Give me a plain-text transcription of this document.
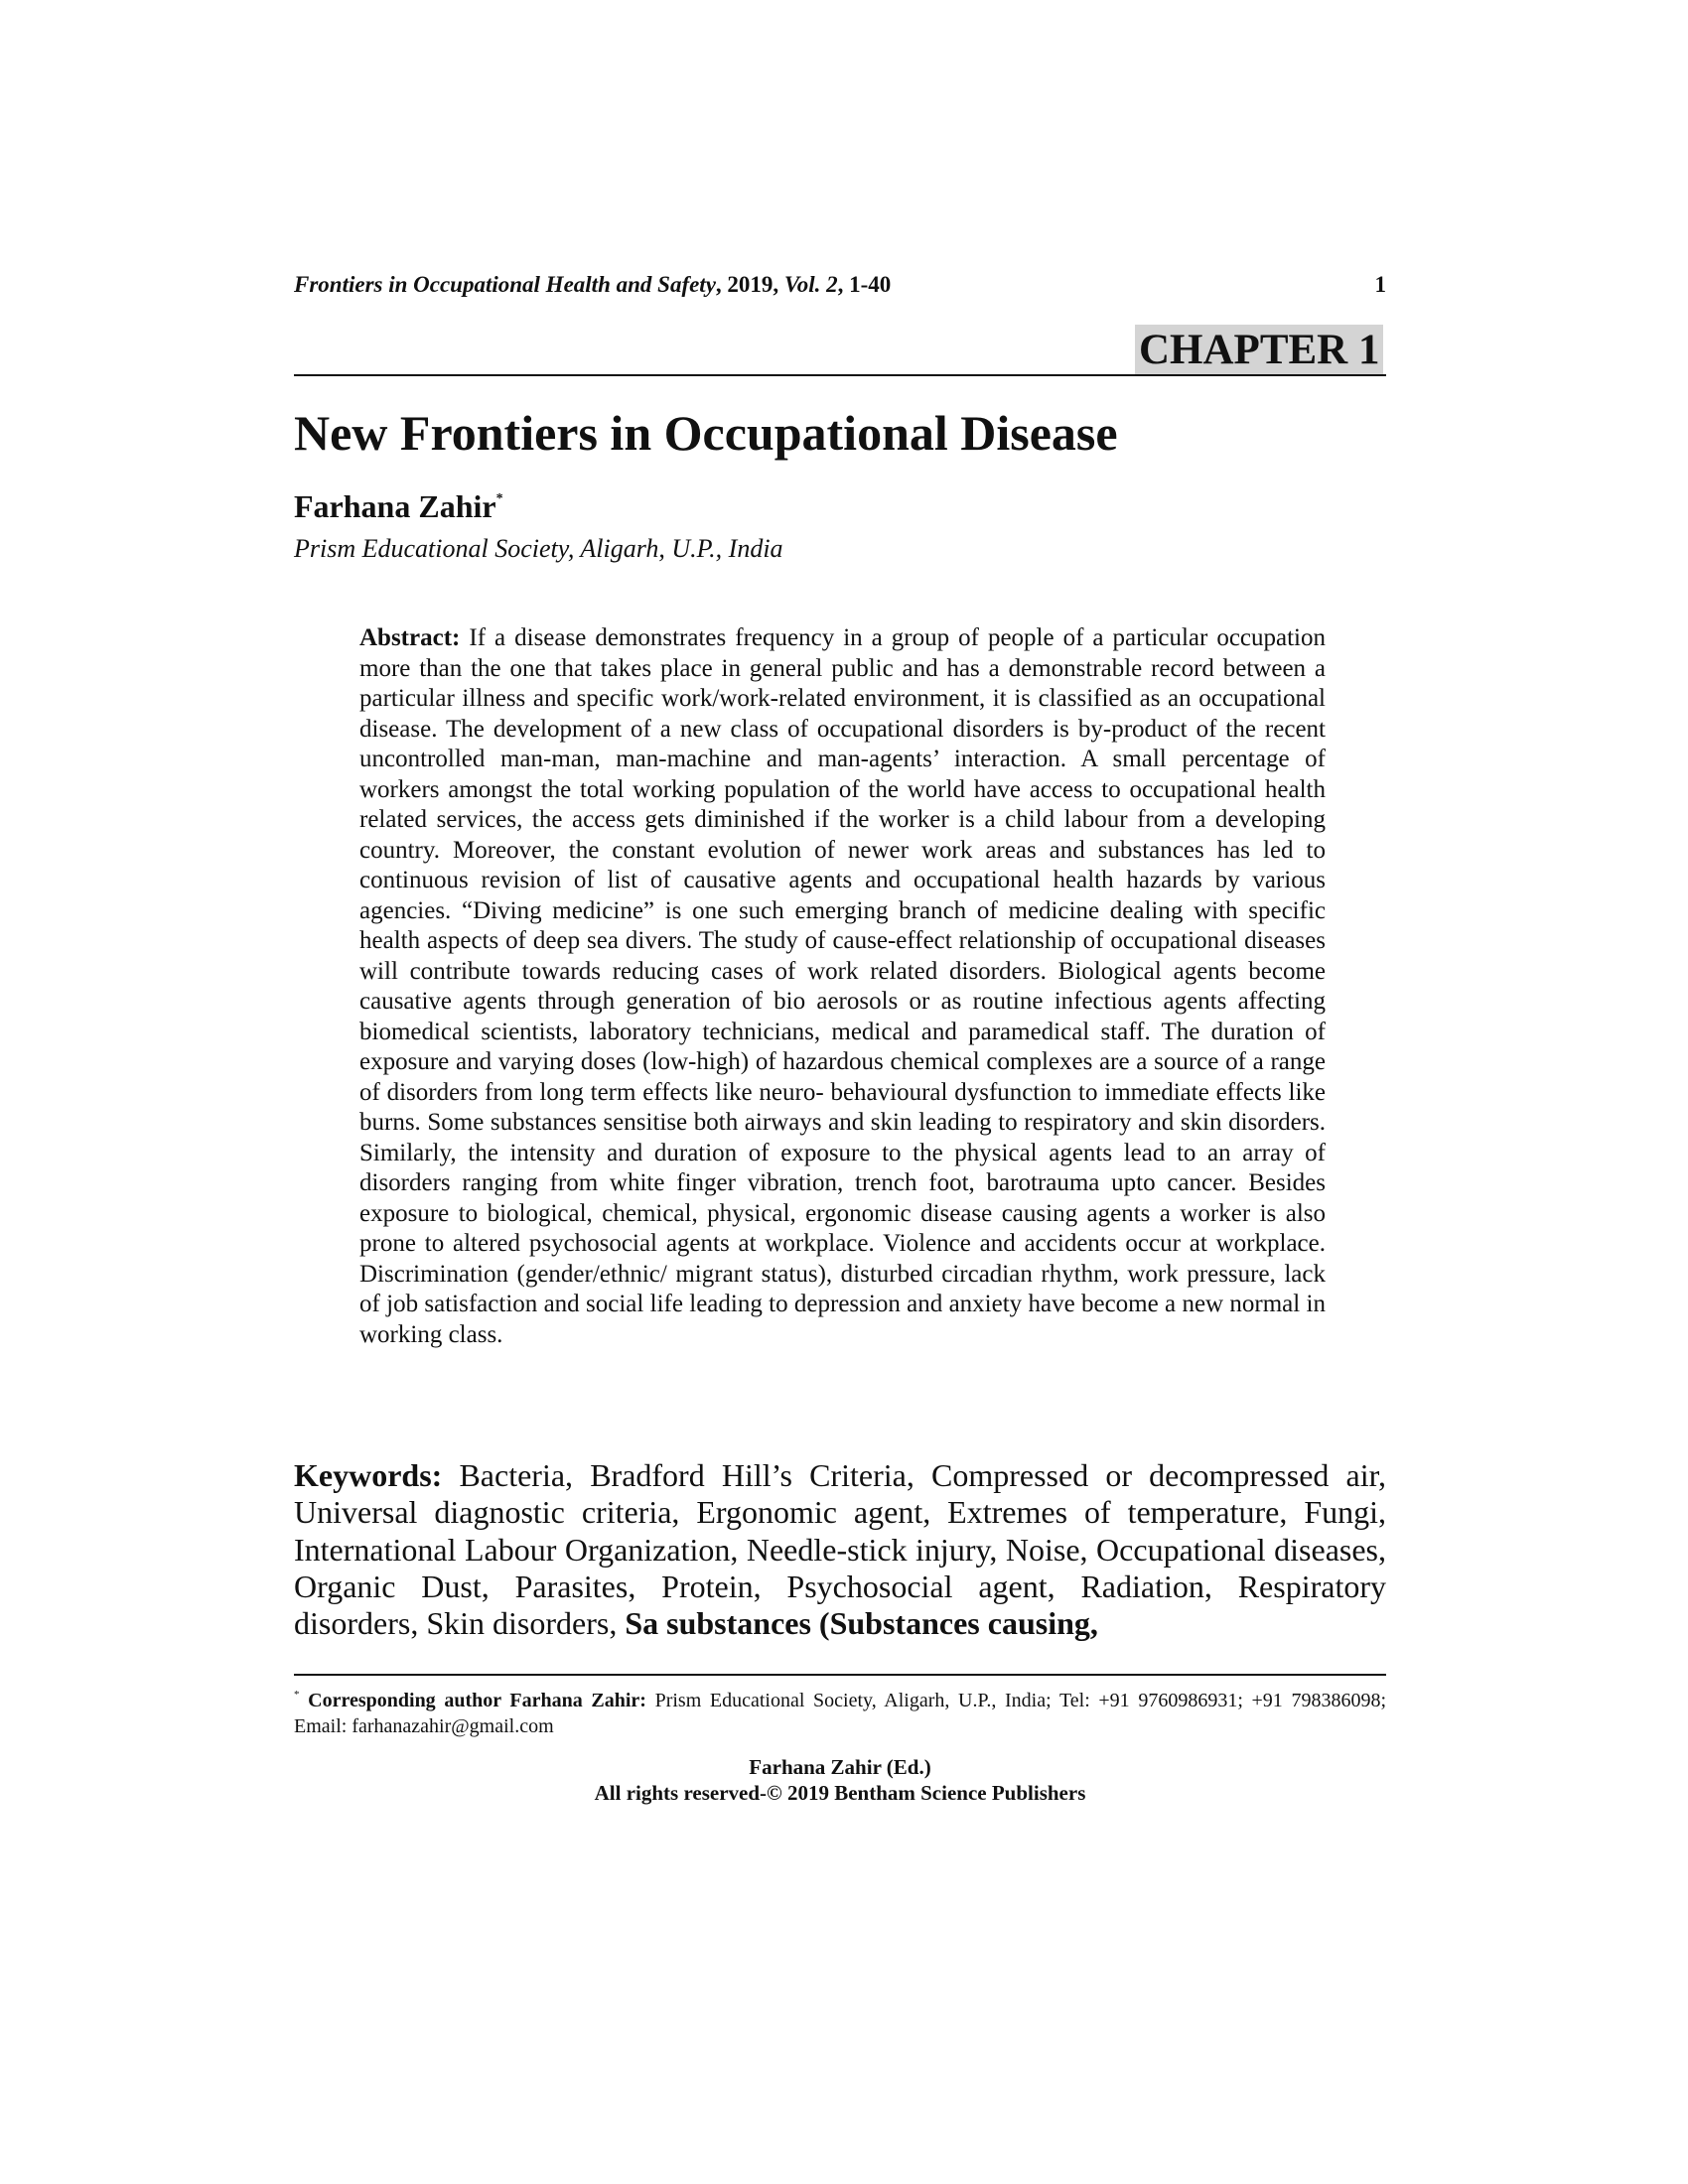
Frontiers in Occupational Health and Safety, 2019, Vol. 2, 1-40	1
CHAPTER 1
New Frontiers in Occupational Disease
Farhana Zahir*
Prism Educational Society, Aligarh, U.P., India

Abstract: If a disease demonstrates frequency in a group of people of a particular occupation more than the one that takes place in general public and has a demonstrable record between a particular illness and specific work/work-related environment, it is classified as an occupational disease. The development of a new class of occupational disorders is by-product of the recent uncontrolled man-man, man-machine and man-agents’ interaction. A small percentage of workers amongst the total working population of the world have access to occupational health related services, the access gets diminished if the worker is a child labour from a developing country. Moreover, the constant evolution of newer work areas and substances has led to continuous revision of list of causative agents and occupational health hazards by various agencies. “Diving medicine” is one such emerging branch of medicine dealing with specific health aspects of deep sea divers. The study of cause-effect relationship of occupational diseases will contribute towards reducing cases of work related disorders. Biological agents become causative agents through generation of bio aerosols or as routine infectious agents affecting biomedical scientists, laboratory technicians, medical and paramedical staff. The duration of exposure and varying doses (low-high) of hazardous chemical complexes are a source of a range of disorders from long term effects like neuro- behavioural dysfunction to immediate effects like burns. Some substances sensitise both airways and skin leading to respiratory and skin disorders. Similarly, the intensity and duration of exposure to the physical agents lead to an array of disorders ranging from white finger vibration, trench foot, barotrauma upto cancer. Besides exposure to biological, chemical, physical, ergonomic disease causing agents a worker is also prone to altered psychosocial agents at workplace. Violence and accidents occur at workplace. Discrimination (gender/ethnic/ migrant status), disturbed circadian rhythm, work pressure, lack of job satisfaction and social life leading to depression and anxiety have become a new normal in working class.

Keywords: Bacteria, Bradford Hill’s Criteria, Compressed or decompressed air, Universal diagnostic criteria, Ergonomic agent, Extremes of temperature, Fungi, International Labour Organization, Needle-stick injury, Noise, Occupational diseases, Organic Dust, Parasites, Protein, Psychosocial agent, Radiation, Respiratory disorders, Skin disorders, Sa substances (Substances causing,

* Corresponding author Farhana Zahir: Prism Educational Society, Aligarh, U.P., India; Tel: +91 9760986931; +91 798386098; Email: farhanazahir@gmail.com

Farhana Zahir (Ed.)
All rights reserved-© 2019 Bentham Science Publishers
